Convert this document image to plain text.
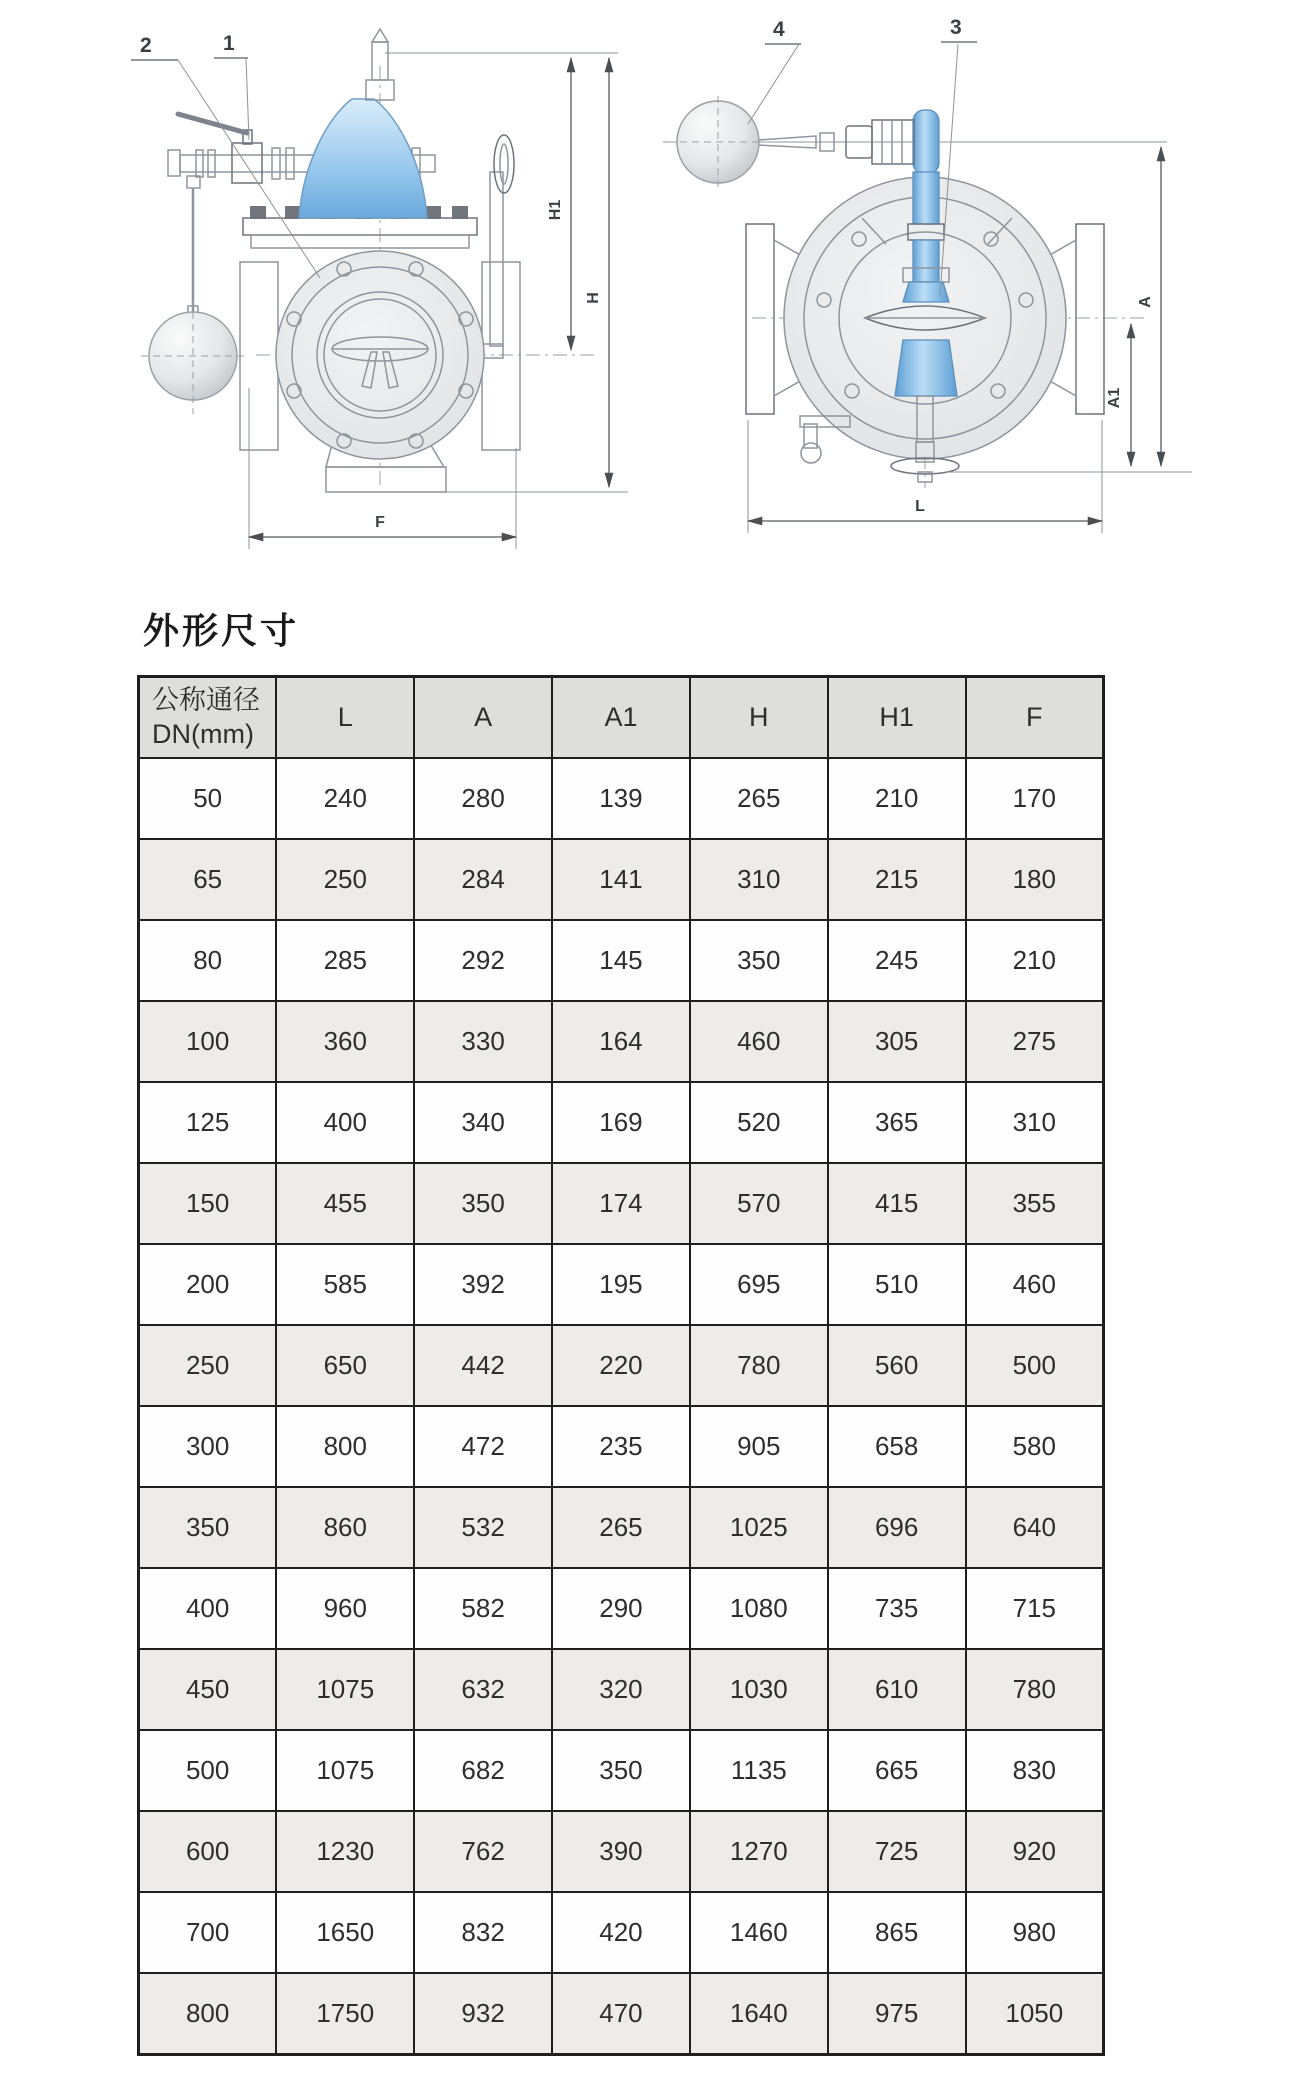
2	1
H1
H
F
4	3
A
A1
L
外形尺寸
公称通径
DN(mm)	L	A	A1	H	H1	F
50	240	280	139	265	210	170
65	250	284	141	310	215	180
80	285	292	145	350	245	210
100	360	330	164	460	305	275
125	400	340	169	520	365	310
150	455	350	174	570	415	355
200	585	392	195	695	510	460
250	650	442	220	780	560	500
300	800	472	235	905	658	580
350	860	532	265	1025	696	640
400	960	582	290	1080	735	715
450	1075	632	320	1030	610	780
500	1075	682	350	1135	665	830
600	1230	762	390	1270	725	920
700	1650	832	420	1460	865	980
800	1750	932	470	1640	975	1050
